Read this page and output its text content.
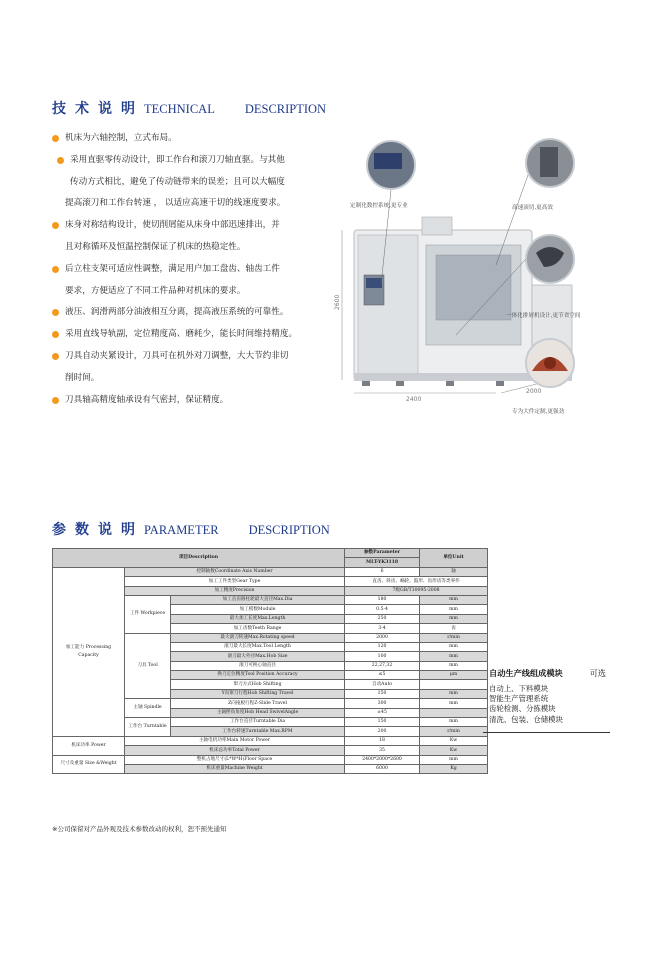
技术说明TECHNICAL DESCRIPTION
机床为六轴控制，立式布局。
采用直驱零传动设计，即工作台和滚刀刀轴直驱。与其他
传动方式相比，避免了传动链带来的误差；且可以大幅度
提高滚刀和工作台转速 ， 以适应高速干切的线速度要求。
床身对称结构设计，使切削屑能从床身中部迅速排出，并
且对称循环及恒温控制保证了机床的热稳定性。
后立柱支架可适应性调整，满足用户加工盘齿、轴齿工件
要求，方便适应了不同工件品种对机床的要求。
液压、润滑两部分油液相互分离，提高液压系统的可靠性。
采用直线导轨副，定位精度高、磨耗少，能长时间维持精度。
刀具自动夹紧设计，刀具可在机外对刀调整，大大节约非切
削时间。
刀具轴高精度轴承设有气密封，保证精度。
2600
2400
2000
定制化数控系统,更专业	高速滚切,更高效
一体化排屑机设计,更节省空间
专为大件定制,更强劲
参数说明PARAMETER DESCRIPTION
项目Description			参数Parameter	单位Unit
			MLT-YK3118	
加工能力 Processing Capacity	控制轴数Coordinate Axis Number		6	轴
	加工工件类型Gear Type		直齿、斜齿、蜗轮、鼓形、齿形齿等类零件	
	加工精度Precision		7级GB/T10095-2008	
	工件 Workpiece	加工直齿圆柱轮最大直径Max.Dia	180	mm
		加工模数Module	0.5-4	mm
		最大加工长度Max.Length	250	mm
		加工齿数Teeth Range	3-4	齿
	刀具 Tool	最大滚刀转速Max.Rotating speed	2000	r/min
		滚刀最大长度Max.Tool Length	120	mm
		滚刀最大外径Max.Hob Size	100	mm
		滚刀可换心轴直径	22,27,32	mm
		换刀定位精度Tool Position Accuracy	≤5	μm
		窜刀方式Hob Shifting	自动Auto	
		Y向窜刀行程Hob Shifting Travel	150	mm
	主轴 Spindle	Z向拖板行程Z-Slide Travel	300	mm
		主轴摆角角度Hob Head SwivelAngle	±45	
	工作台 Turntable	工作台直径Turntable Dia	150	mm
		工作台转速Turntable Max.RPM	200	r/min
机床功率 Power	主轴电机功率Main Motor Power		18	Kw
	机床总功率Total Power		35	Kw
尺寸及重量 Size &Weight	整机占地尺寸(L*W*H)Floor Space		2400*2000*2600	mm
	机床重量Machine Weight		6000	Kg
※公司保留对产品外观及技术参数改动的权利，恕不预先通知
自动生产线组成模块	可选
自动上、下料模块
智能生产管理系统
齿轮检测、分拣模块
清洗、包装、仓储模块
